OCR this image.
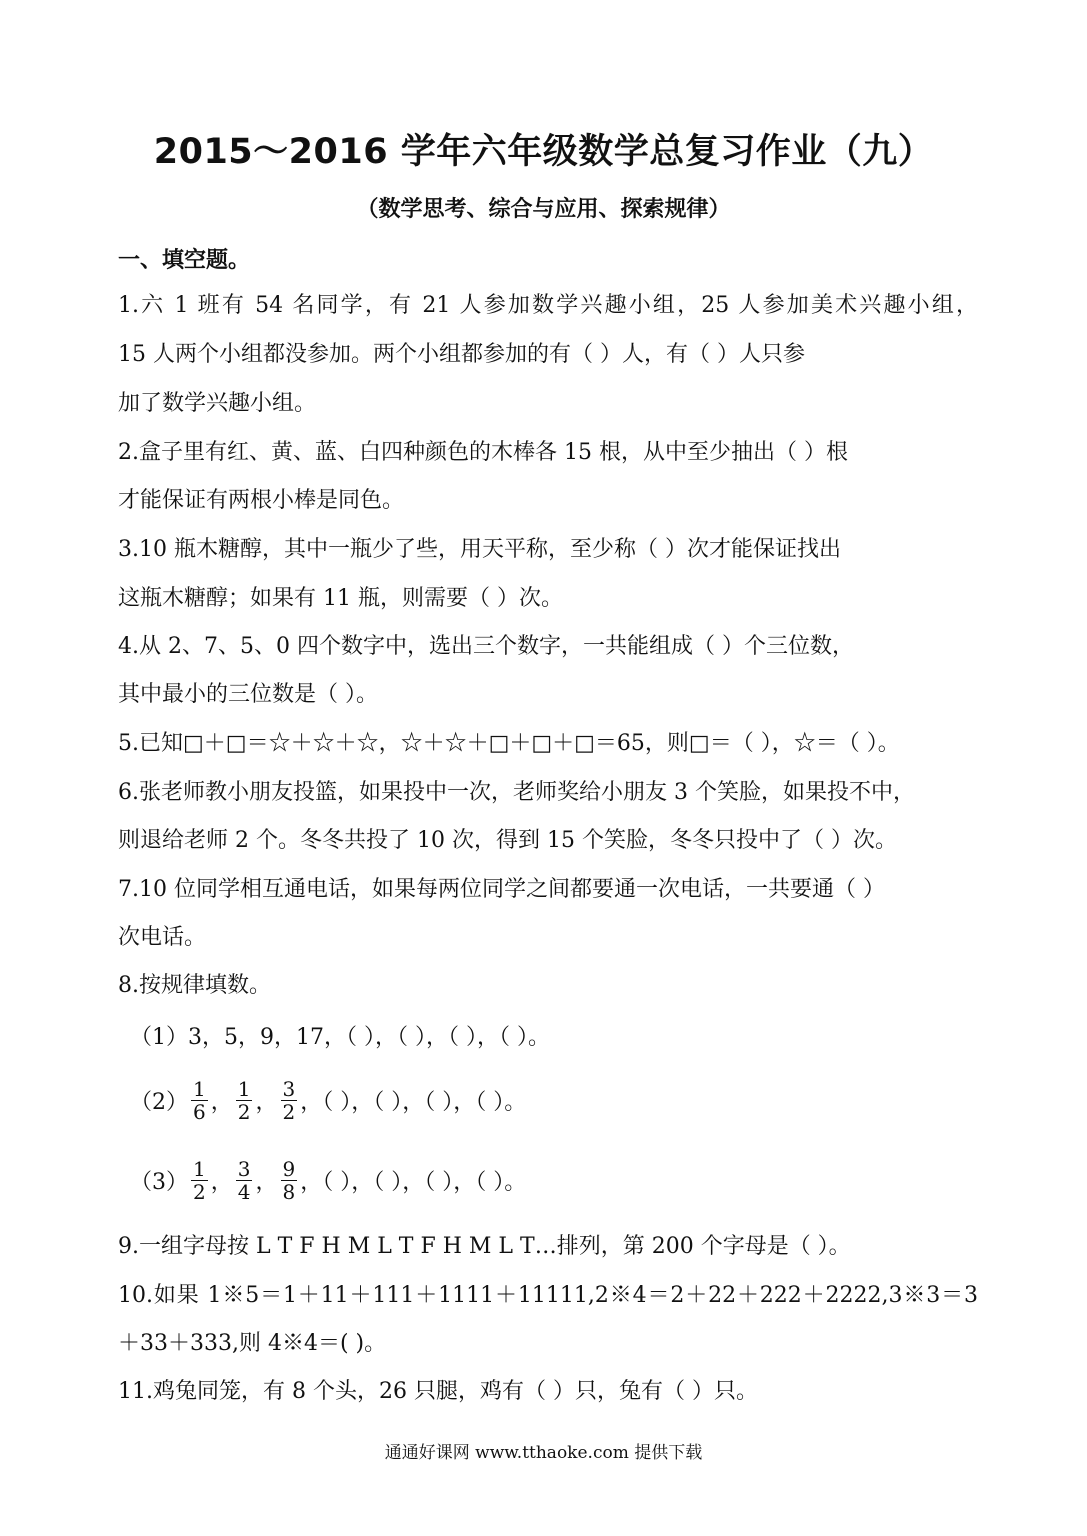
2015～2016 学年六年级数学总复习作业（九）
（数学思考、综合与应用、探索规律）
一、填空题。
1.六 1 班有 54 名同学，有 21 人参加数学兴趣小组，25 人参加美术兴趣小组，
15 人两个小组都没参加。两个小组都参加的有（ ）人，有（ ）人只参
加了数学兴趣小组。
2.盒子里有红、黄、蓝、白四种颜色的木棒各 15 根，从中至少抽出（ ）根
才能保证有两根小棒是同色。
3.10 瓶木糖醇，其中一瓶少了些，用天平称，至少称（ ）次才能保证找出
这瓶木糖醇；如果有 11 瓶，则需要（ ）次。
4.从 2、7、5、0 四个数字中，选出三个数字，一共能组成（ ）个三位数，
其中最小的三位数是（ ）。
5.已知□＋□＝☆＋☆＋☆，☆＋☆＋□＋□＋□＝65，则□＝（ ），☆＝（ ）。
6.张老师教小朋友投篮，如果投中一次，老师奖给小朋友 3 个笑脸，如果投不中，
则退给老师 2 个。冬冬共投了 10 次，得到 15 个笑脸，冬冬只投中了（ ）次。
7.10 位同学相互通电话，如果每两位同学之间都要通一次电话，一共要通（ ）
次电话。
8.按规律填数。
（1）3，5，9，17，（ ），（ ），（ ），（ ）。
$(2) \frac{1}{6}$ ， $\frac{1}{2}$ ， $\frac{3}{2}$ ，（ ），（ ），（ ），（ ）。
$(3) \frac{1}{2}$ ， $\frac{3}{4}$ ， $\frac{9}{8}$ ，（ ），（ ），（ ），（ ）。
9.一组字母按 L T F H M L T F H M L T…排列，第 200 个字母是（ ）。
10.如果 1※5＝1＋11＋111＋1111＋11111,2※4＝2＋22＋222＋2222,3※3＝3
＋33＋333,则 4※4＝( )。
11.鸡兔同笼，有 8 个头，26 只腿，鸡有（ ）只，兔有（ ）只。
通通好课网 www.tthaoke.com 提供下载
